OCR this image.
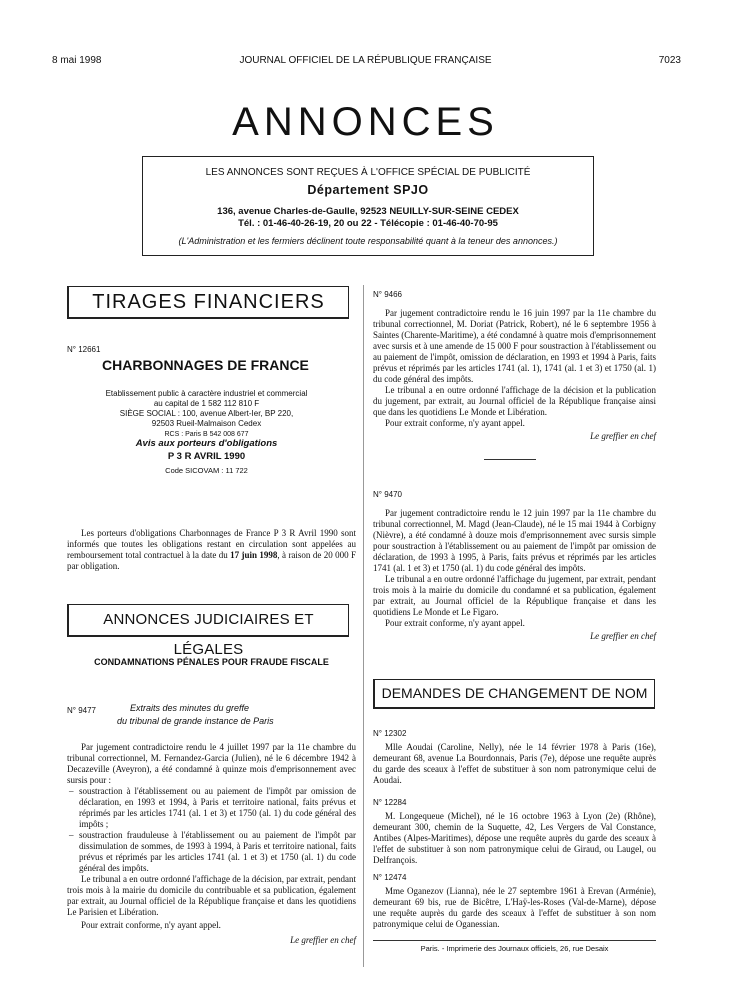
8 mai 1998	JOURNAL OFFICIEL DE LA RÉPUBLIQUE FRANÇAISE	7023
ANNONCES
LES ANNONCES SONT REÇUES À L'OFFICE SPÉCIAL DE PUBLICITÉ
Département SPJO
136, avenue Charles-de-Gaulle, 92523 NEUILLY-SUR-SEINE CEDEX
Tél. : 01-46-40-26-19, 20 ou 22 - Télécopie : 01-46-40-70-95
(L'Administration et les fermiers déclinent toute responsabilité quant à la teneur des annonces.)
TIRAGES FINANCIERS
N° 12661
CHARBONNAGES DE FRANCE
Etablissement public à caractère industriel et commercial
au capital de 1 582 112 810 F
SIÈGE SOCIAL : 100, avenue Albert-Ier, BP 220,
92503 Rueil-Malmaison Cedex
RCS : Paris B 542 008 677
Avis aux porteurs d'obligations
P 3 R AVRIL 1990
Code SICOVAM : 11 722
Les porteurs d'obligations Charbonnages de France P 3 R Avril 1990 sont informés que toutes les obligations restant en circulation sont appelées au remboursement total contractuel à la date du 17 juin 1998, à raison de 20 000 F par obligation.
ANNONCES JUDICIAIRES ET LÉGALES
CONDAMNATIONS PÉNALES POUR FRAUDE FISCALE
N° 9477	Extraits des minutes du greffe
du tribunal de grande instance de Paris
Par jugement contradictoire rendu le 4 juillet 1997 par la 11e chambre du tribunal correctionnel, M. Fernandez-Garcia (Julien), né le 6 décembre 1942 à Decazeville (Aveyron), a été condamné à quinze mois d'emprisonnement avec sursis pour :
– soustraction à l'établissement ou au paiement de l'impôt par omission de déclaration, en 1993 et 1994, à Paris et territoire national, faits prévus et réprimés par les articles 1741 (al. 1 et 3) et 1750 (al. 1) du code général des impôts ;
– soustraction frauduleuse à l'établissement ou au paiement de l'impôt par dissimulation de sommes, de 1993 à 1994, à Paris et territoire national, faits prévus et réprimés par les articles 1741 (al. 1 et 3) et 1750 (al. 1) du code général des impôts.
Le tribunal a en outre ordonné l'affichage de la décision, par extrait, pendant trois mois à la mairie du domicile du contribuable et sa publication, également par extrait, au Journal officiel de la République française et dans les quotidiens Le Parisien et Libération.
Pour extrait conforme, n'y ayant appel.
Le greffier en chef
N° 9466
Par jugement contradictoire rendu le 16 juin 1997 par la 11e chambre du tribunal correctionnel, M. Doriat (Patrick, Robert), né le 6 septembre 1956 à Saintes (Charente-Maritime), a été condamné à quatre mois d'emprisonnement avec sursis et à une amende de 15 000 F pour soustraction à l'établissement ou au paiement de l'impôt, omission de déclaration, en 1993 et 1994 à Paris, faits prévus et réprimés par les articles 1741 (al. 1), 1741 (al. 1 et 3) et 1750 (al. 1) du code général des impôts.
Le tribunal a en outre ordonné l'affichage de la décision et la publication du jugement, par extrait, au Journal officiel de la République française ainsi que dans les quotidiens Le Monde et Libération.
Pour extrait conforme, n'y ayant appel.
Le greffier en chef
N° 9470
Par jugement contradictoire rendu le 12 juin 1997 par la 11e chambre du tribunal correctionnel, M. Magd (Jean-Claude), né le 15 mai 1944 à Corbigny (Nièvre), a été condamné à douze mois d'emprisonnement avec sursis simple pour soustraction à l'établissement ou au paiement de l'impôt par omission de déclaration, de 1993 à 1995, à Paris, faits prévus et réprimés par les articles 1741 (al. 1 et 3) et 1750 (al. 1) du code général des impôts.
Le tribunal a en outre ordonné l'affichage du jugement, par extrait, pendant trois mois à la mairie du domicile du condamné et sa publication, également par extrait, au Journal officiel de la République française et dans les quotidiens Le Monde et Le Figaro.
Pour extrait conforme, n'y ayant appel.
Le greffier en chef
DEMANDES DE CHANGEMENT DE NOM
N° 12302
Mlle Aoudai (Caroline, Nelly), née le 14 février 1978 à Paris (16e), demeurant 68, avenue La Bourdonnais, Paris (7e), dépose une requête auprès du garde des sceaux à l'effet de substituer à son nom patronymique celui de Aoudai.
N° 12284
M. Longequeue (Michel), né le 16 octobre 1963 à Lyon (2e) (Rhône), demeurant 300, chemin de la Suquette, 42, Les Vergers de Val Constance, Antibes (Alpes-Maritimes), dépose une requête auprès du garde des sceaux à l'effet de substituer à son nom patronymique celui de Giraud, ou Laugel, ou Delfrançois.
N° 12474
Mme Oganezov (Lianna), née le 27 septembre 1961 à Erevan (Arménie), demeurant 69 bis, rue de Bicêtre, L'Haÿ-les-Roses (Val-de-Marne), dépose une requête auprès du garde des sceaux à l'effet de substituer à son nom patronymique celui de Oganessian.
Paris. - Imprimerie des Journaux officiels, 26, rue Desaix
